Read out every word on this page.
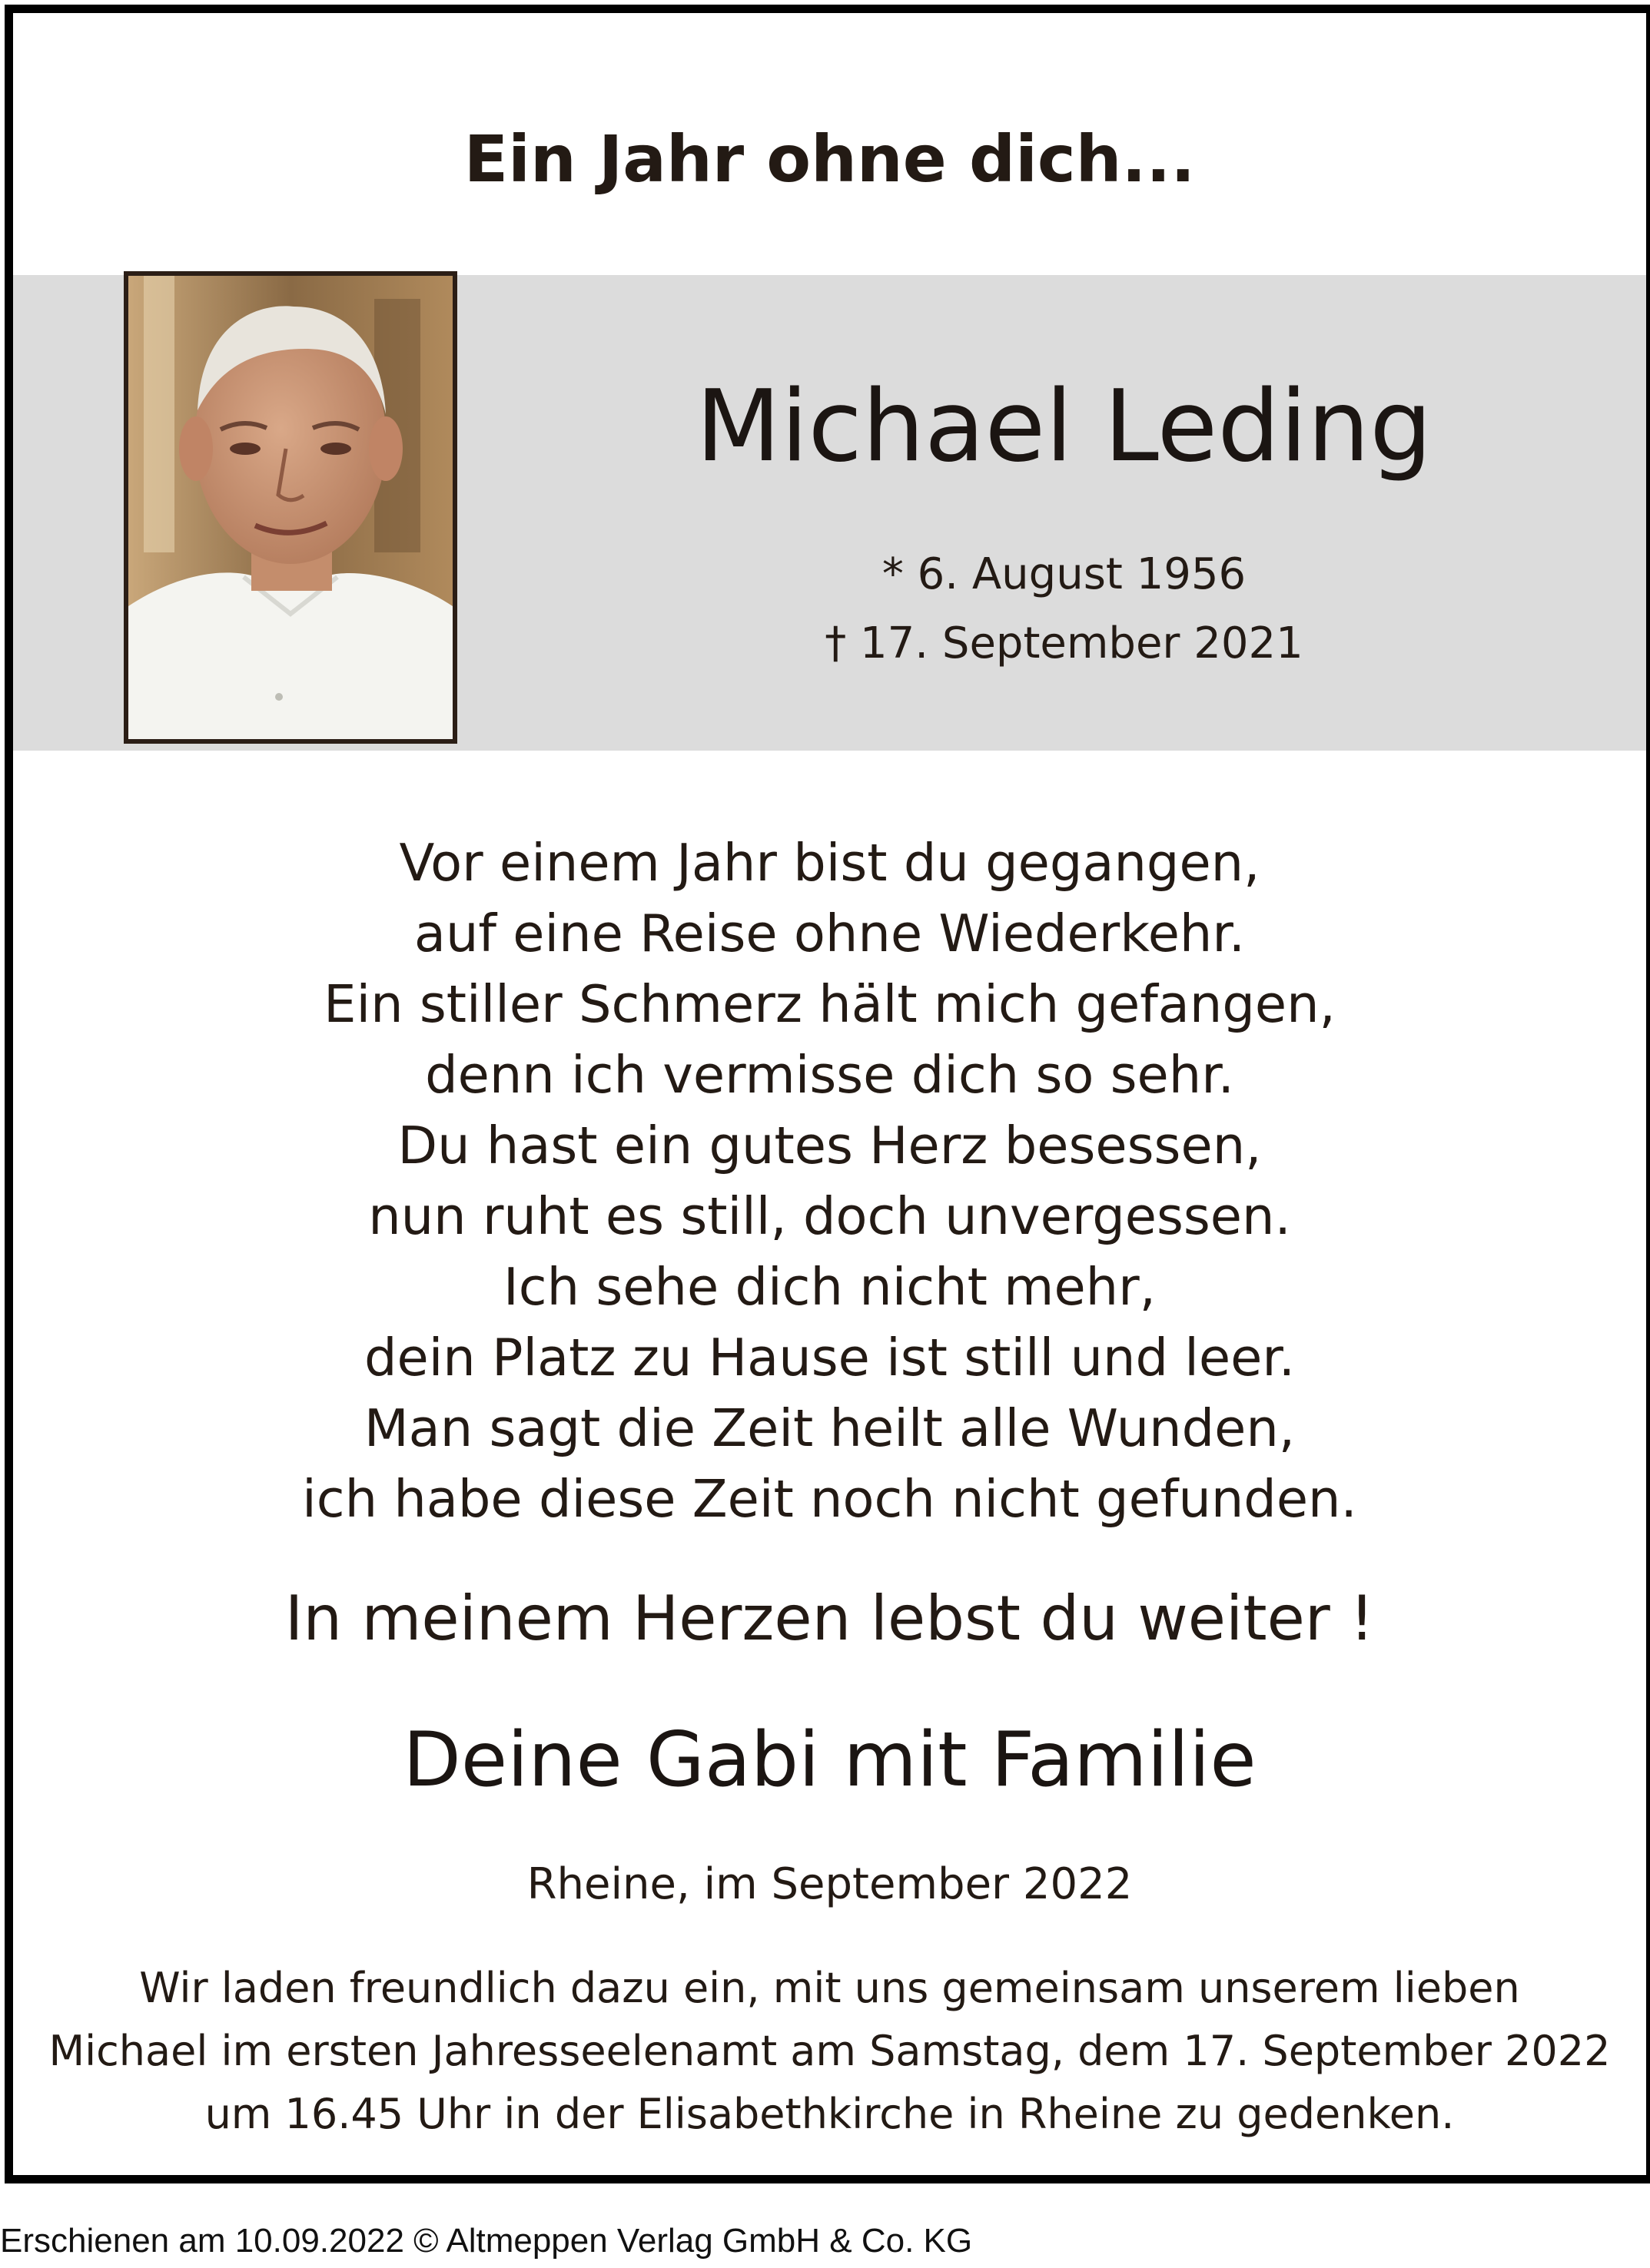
Ein Jahr ohne dich...
Michael Leding
* 6. August 1956
† 17. September 2021
Vor einem Jahr bist du gegangen,
auf eine Reise ohne Wiederkehr.
Ein stiller Schmerz hält mich gefangen,
denn ich vermisse dich so sehr.
Du hast ein gutes Herz besessen,
nun ruht es still, doch unvergessen.
Ich sehe dich nicht mehr,
dein Platz zu Hause ist still und leer.
Man sagt die Zeit heilt alle Wunden,
ich habe diese Zeit noch nicht gefunden.
In meinem Herzen lebst du weiter !
Deine Gabi mit Familie
Rheine, im September 2022
Wir laden freundlich dazu ein, mit uns gemeinsam unserem lieben
Michael im ersten Jahresseelenamt am Samstag, dem 17. September 2022
um 16.45 Uhr in der Elisabethkirche in Rheine zu gedenken.
Erschienen am 10.09.2022 © Altmeppen Verlag GmbH & Co. KG
